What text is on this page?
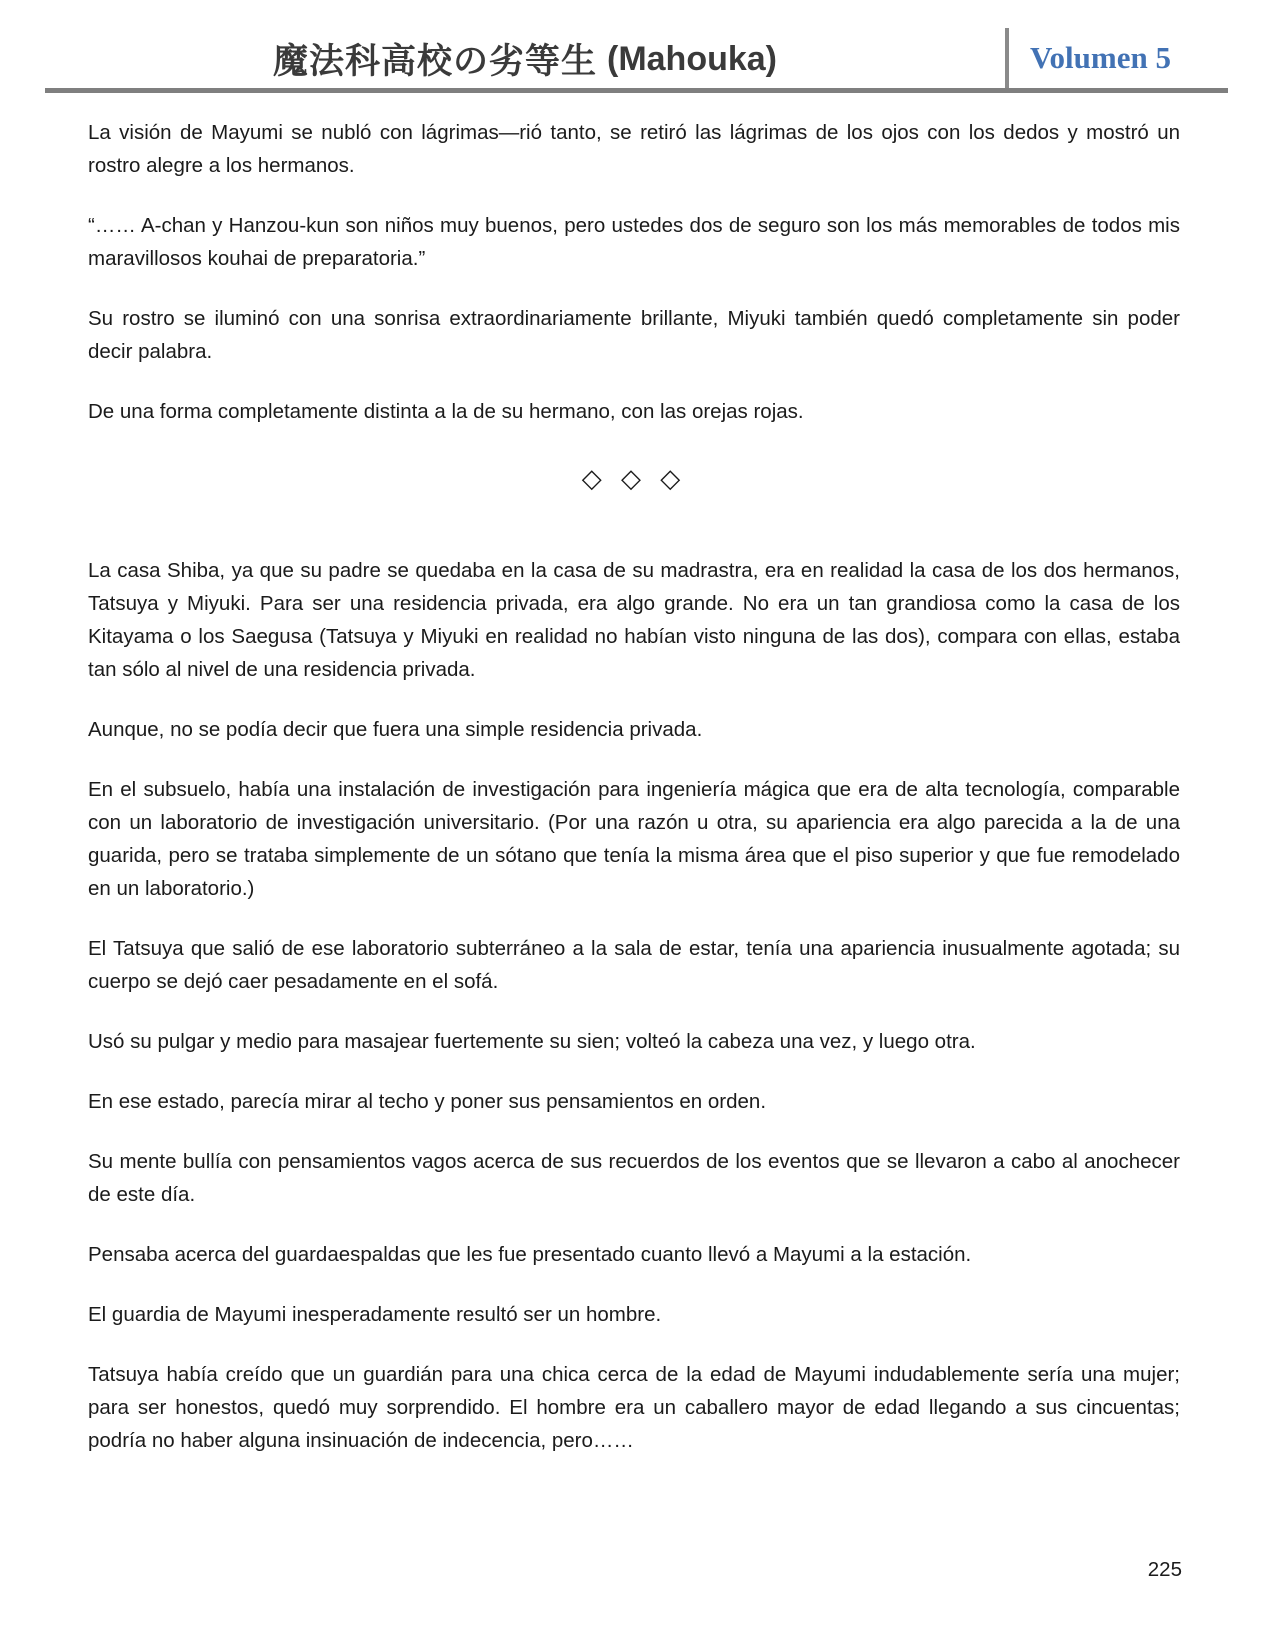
魔法科高校の劣等生 (Mahouka)	Volumen 5

La visión de Mayumi se nubló con lágrimas—rió tanto, se retiró las lágrimas de los ojos con los dedos y mostró un rostro alegre a los hermanos.

“…… A-chan y Hanzou-kun son niños muy buenos, pero ustedes dos de seguro son los más memorables de todos mis maravillosos kouhai de preparatoria.”

Su rostro se iluminó con una sonrisa extraordinariamente brillante, Miyuki también quedó completamente sin poder decir palabra.

De una forma completamente distinta a la de su hermano, con las orejas rojas.

◇ ◇ ◇

La casa Shiba, ya que su padre se quedaba en la casa de su madrastra, era en realidad la casa de los dos hermanos, Tatsuya y Miyuki. Para ser una residencia privada, era algo grande. No era un tan grandiosa como la casa de los Kitayama o los Saegusa (Tatsuya y Miyuki en realidad no habían visto ninguna de las dos), compara con ellas, estaba tan sólo al nivel de una residencia privada.

Aunque, no se podía decir que fuera una simple residencia privada.

En el subsuelo, había una instalación de investigación para ingeniería mágica que era de alta tecnología, comparable con un laboratorio de investigación universitario. (Por una razón u otra, su apariencia era algo parecida a la de una guarida, pero se trataba simplemente de un sótano que tenía la misma área que el piso superior y que fue remodelado en un laboratorio.)

El Tatsuya que salió de ese laboratorio subterráneo a la sala de estar, tenía una apariencia inusualmente agotada; su cuerpo se dejó caer pesadamente en el sofá.

Usó su pulgar y medio para masajear fuertemente su sien; volteó la cabeza una vez, y luego otra.

En ese estado, parecía mirar al techo y poner sus pensamientos en orden.

Su mente bullía con pensamientos vagos acerca de sus recuerdos de los eventos que se llevaron a cabo al anochecer de este día.

Pensaba acerca del guardaespaldas que les fue presentado cuanto llevó a Mayumi a la estación.

El guardia de Mayumi inesperadamente resultó ser un hombre.

Tatsuya había creído que un guardián para una chica cerca de la edad de Mayumi indudablemente sería una mujer; para ser honestos, quedó muy sorprendido. El hombre era un caballero mayor de edad llegando a sus cincuentas; podría no haber alguna insinuación de indecencia, pero……

225
